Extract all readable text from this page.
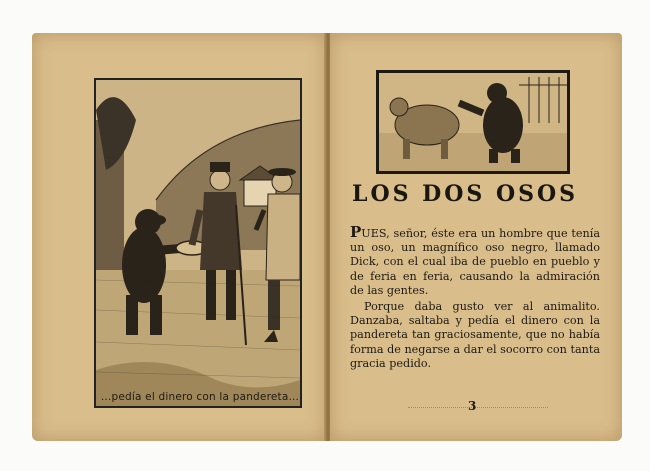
...pedía el dinero con la pandereta...
LOS DOS OSOS

PUES, señor, éste era un hombre que tenía un oso, un magnífico oso negro, llamado Dick, con el cual iba de pueblo en pueblo y de feria en feria, causando la admiración de las gentes.

Porque daba gusto ver al animalito. Danzaba, saltaba y pedía el dinero con la pandereta tan graciosamente, que no había forma de negarse a dar el socorro con tanta gracia pedido.

3
